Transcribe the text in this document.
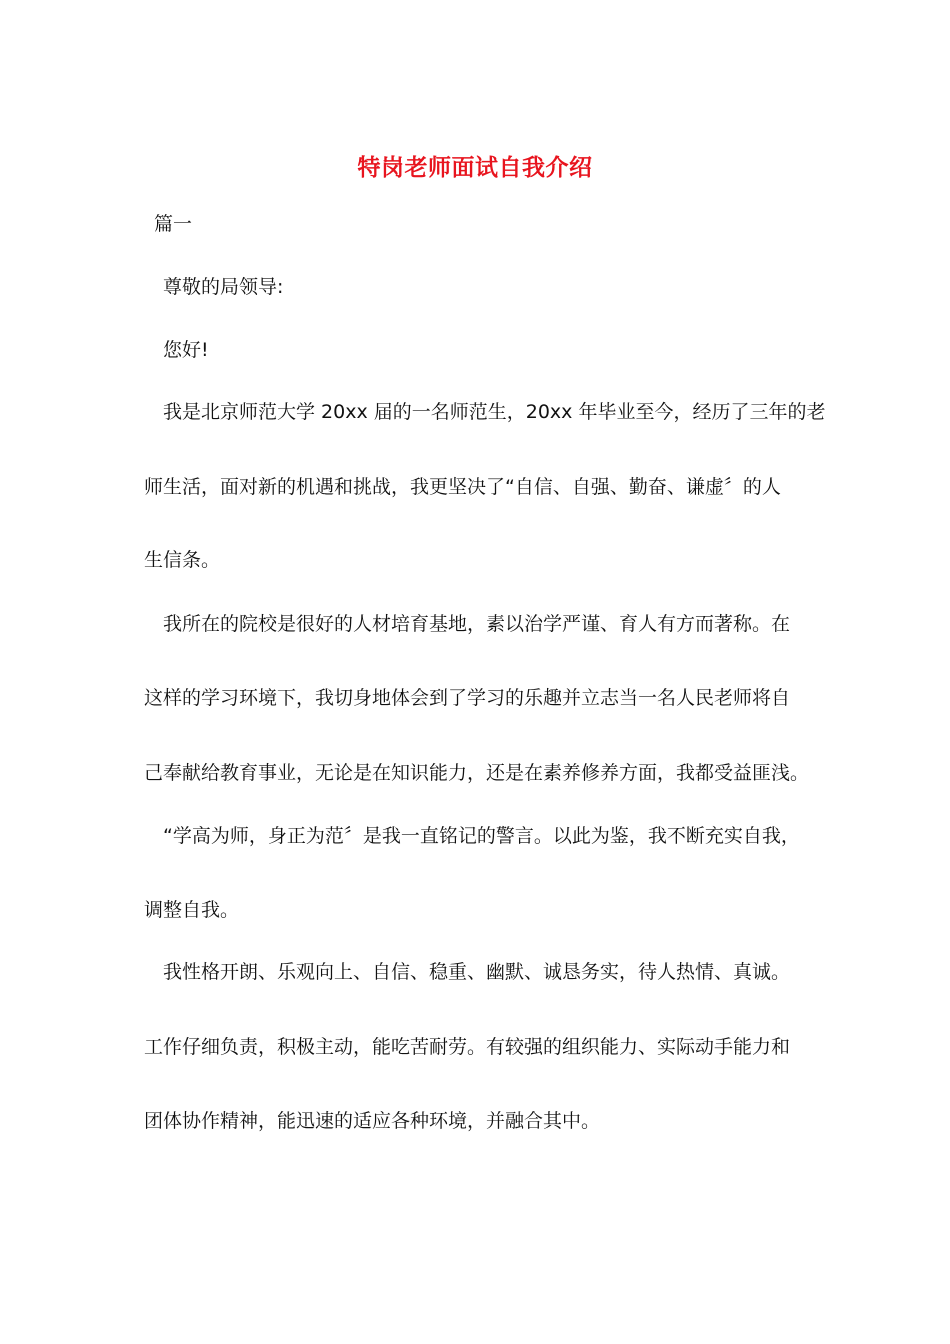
特岗老师面试自我介绍
篇一
尊敬的局领导:
您好!
我是北京师范大学 20xx 届的一名师范生，20xx 年毕业至今，经历了三年的老
师生活，面对新的机遇和挑战，我更坚决了“自信、自强、勤奋、谦虚〞的人
生信条。
我所在的院校是很好的人材培育基地，素以治学严谨、育人有方而著称。在
这样的学习环境下，我切身地体会到了学习的乐趣并立志当一名人民老师将自
己奉献给教育事业，无论是在知识能力，还是在素养修养方面，我都受益匪浅。
“学高为师，身正为范〞是我一直铭记的警言。以此为鉴，我不断充实自我，
调整自我。
我性格开朗、乐观向上、自信、稳重、幽默、诚恳务实，待人热情、真诚。
工作仔细负责，积极主动，能吃苦耐劳。有较强的组织能力、实际动手能力和
团体协作精神，能迅速的适应各种环境，并融合其中。
